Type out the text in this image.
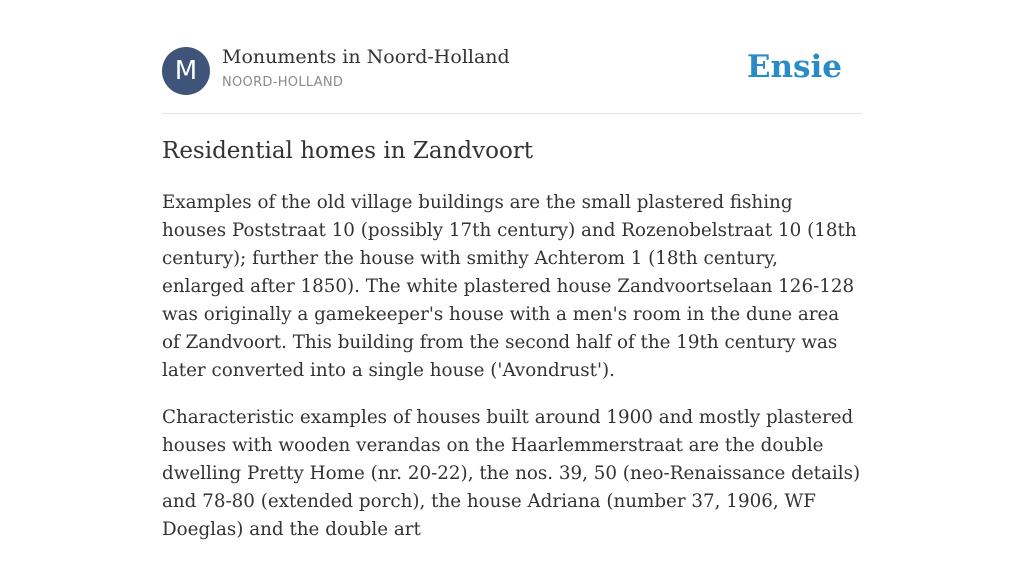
M	Monuments in Noord-Holland
NOORD-HOLLAND	Ensie
Residential homes in Zandvoort

Examples of the old village buildings are the small plastered fishing houses Poststraat 10 (possibly 17th century) and Rozenobelstraat 10 (18th century); further the house with smithy Achterom 1 (18th century, enlarged after 1850). The white plastered house Zandvoortselaan 126-128 was originally a gamekeeper's house with a men's room in the dune area of Zandvoort. This building from the second half of the 19th century was later converted into a single house ('Avondrust').

Characteristic examples of houses built around 1900 and mostly plastered houses with wooden verandas on the Haarlemmerstraat are the double dwelling Pretty Home (nr. 20-22), the nos. 39, 50 (neo-Renaissance details) and 78-80 (extended porch), the house Adriana (number 37, 1906, WF Doeglas) and the double art
